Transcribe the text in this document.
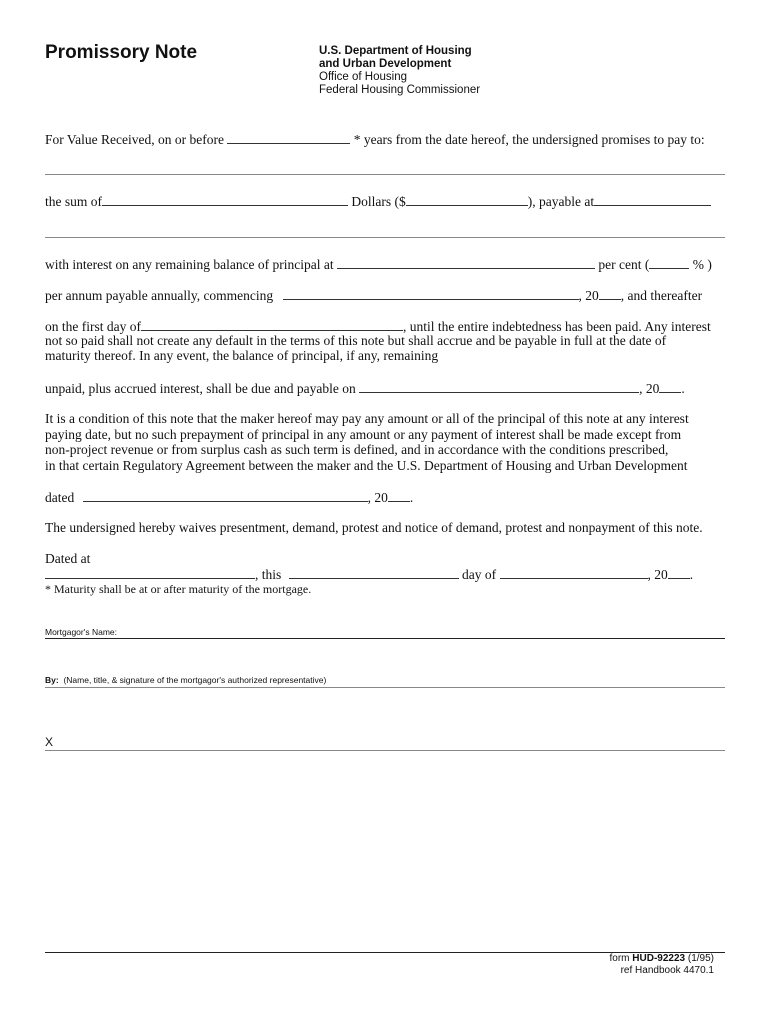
Promissory Note	U.S. Department of Housing
and Urban Development
Office of Housing
Federal Housing Commissioner
For Value Received, on or before	* years from the date hereof, the undersigned promises to pay to:
the sum of	Dollars ($	), payable at
with interest on any remaining balance of principal at	per cent (	% )
per annum payable annually, commencing	, 20 , and thereafter
on the first day of	, until the entire indebtedness has been paid. Any interest
not so paid shall not create any default in the terms of this note but shall accrue and be payable in full at the date of
maturity thereof. In any event, the balance of principal, if any, remaining
unpaid, plus accrued interest, shall be due and payable on	, 20 .
It is a condition of this note that the maker hereof may pay any amount or all of the principal of this note at any interest
paying date, but no such prepayment of principal in any amount or any payment of interest shall be made except from
non-project revenue or from surplus cash as such term is defined, and in accordance with the conditions prescribed,
in that certain Regulatory Agreement between the maker and the U.S. Department of Housing and Urban Development
dated	, 20 .
The undersigned hereby waives presentment, demand, protest and notice of demand, protest and nonpayment of this note.
Dated at
, this	day of	, 20 .
* Maturity shall be at or after maturity of the mortgage.
Mortgagor's Name:
By: (Name, title, & signature of the mortgagor's authorized representative)
X
form HUD-92223 (1/95)
ref Handbook 4470.1
